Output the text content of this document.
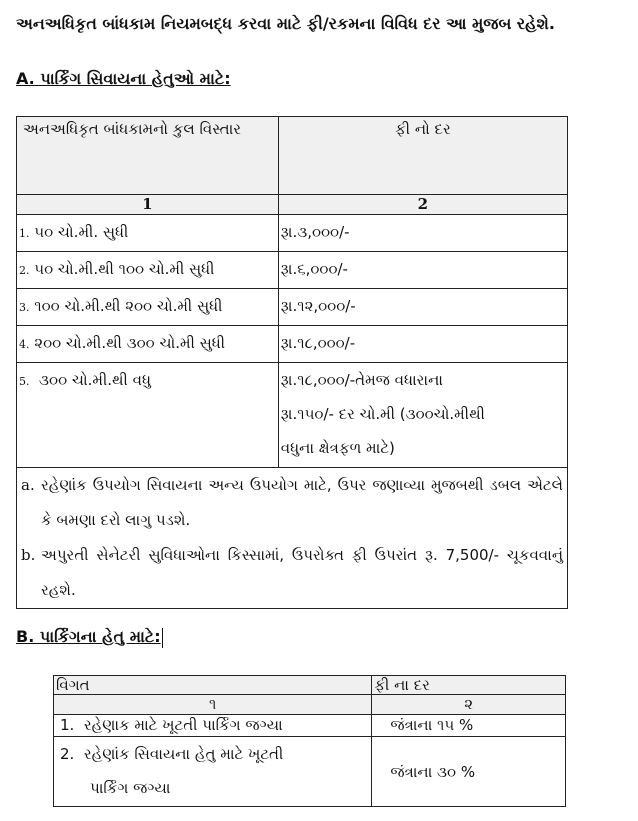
અનઅધિકૃત બાંધકામ નિયમબદ્ધ કરવા માટે ફી/રકમના વિવિધ દર આ મુજબ રહેશે.
A. પાર્કિંગ સિવાયના હેતુઓ માટે:
અનઅધિકૃત બાંધકામનો કુલ વિસ્તાર	ફી નો દર
1	2
1. ૫૦ ચો.મી. સુધી	રૂા.૩,૦૦૦/-
2. ૫૦ ચો.મી.થી ૧૦૦ ચો.મી સુધી	રૂા.૬,૦૦૦/-
3. ૧૦૦ ચો.મી.થી ૨૦૦ ચો.મી સુધી	રૂા.૧૨,૦૦૦/-
4. ૨૦૦ ચો.મી.થી ૩૦૦ ચો.મી સુધી	રૂા.૧૮,૦૦૦/-
5. ૩૦૦ ચો.મી.થી વધુ	રૂા.૧૮,૦૦૦/-તેમજ વધારાના
રૂા.૧૫૦/- દર ચો.મી (૩૦૦ચો.મીથી
વધુના ક્ષેત્રફળ માટે)

a. રહેણાંક ઉપયોગ સિવાયના અન્ય ઉપયોગ માટે, ઉપર જણાવ્યા મુજબથી ડબલ એટલે કે બમણા દરો લાગુ પડશે.
b. અપુરતી સેનેટરી સુવિધાઓના કિસ્સામાં, ઉપરોક્ત ફી ઉપરાંત રૂ. 7,500/- ચૂકવવાનું રહશે.	
B. પાર્કિંગના હેતુ માટે:
વિગત	ફી ના દર
૧	૨
1. રહેણાક માટે ખૂટતી પાર્કિંગ જગ્યા	જંત્રાના ૧૫ %

2. રહેણાંક સિવાયના હેતુ માટે ખૂટતી
પાર્કિંગ જગ્યા	જંત્રાના ૩૦ %
